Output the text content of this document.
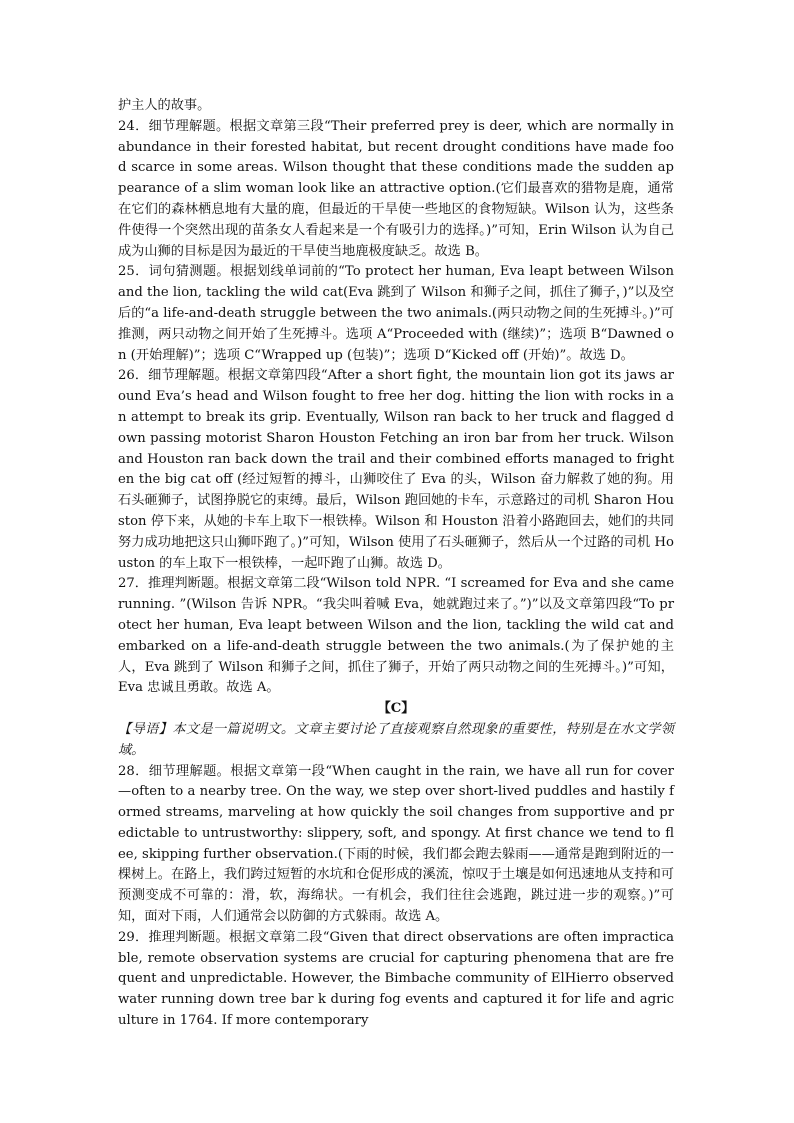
护主人的故事。

24．细节理解题。根据文章第三段“Their preferred prey is deer, which are normally in abundance in their forested habitat, but recent drought conditions have made food scarce in some areas. Wilson thought that these conditions made the sudden appearance of a slim woman look like an attractive option.(它们最喜欢的猎物是鹿，通常在它们的森林栖息地有大量的鹿，但最近的干旱使一些地区的食物短缺。Wilson 认为，这些条件使得一个突然出现的苗条女人看起来是一个有吸引力的选择。)”可知，Erin Wilson 认为自己成为山狮的目标是因为最近的干旱使当地鹿极度缺乏。故选 B。

25．词句猜测题。根据划线单词前的“To protect her human, Eva leapt between Wilson and the lion, tackling the wild cat(Eva 跳到了 Wilson 和狮子之间，抓住了狮子，)”以及空后的“a life-and-death struggle between the two animals.(两只动物之间的生死搏斗。)”可推测，两只动物之间开始了生死搏斗。选项 A“Proceeded with (继续)”；选项 B“Dawned on (开始理解)”；选项 C“Wrapped up (包装)”；选项 D“Kicked off (开始)”。故选 D。

26．细节理解题。根据文章第四段“After a short fight, the mountain lion got its jaws around Eva’s head and Wilson fought to free her dog. hitting the lion with rocks in an attempt to break its grip. Eventually, Wilson ran back to her truck and flagged down passing motorist Sharon Houston Fetching an iron bar from her truck. Wilson and Houston ran back down the trail and their combined efforts managed to frighten the big cat off (经过短暂的搏斗，山狮咬住了 Eva 的头，Wilson 奋力解救了她的狗。用石头砸狮子，试图挣脱它的束缚。最后，Wilson 跑回她的卡车，示意路过的司机 Sharon Houston 停下来，从她的卡车上取下一根铁棒。Wilson 和 Houston 沿着小路跑回去，她们的共同努力成功地把这只山狮吓跑了。)”可知，Wilson 使用了石头砸狮子，然后从一个过路的司机 Houston 的车上取下一根铁棒，一起吓跑了山狮。故选 D。

27．推理判断题。根据文章第二段“Wilson told NPR. “I screamed for Eva and she came running. ”(Wilson 告诉 NPR。“我尖叫着喊 Eva，她就跑过来了。”)”以及文章第四段“To protect her human, Eva leapt between Wilson and the lion, tackling the wild cat and embarked on a life-and-death struggle between the two animals.(为了保护她的主人，Eva 跳到了 Wilson 和狮子之间，抓住了狮子，开始了两只动物之间的生死搏斗。)”可知，Eva 忠诚且勇敢。故选 A。

【C】

【导语】本文是一篇说明文。文章主要讨论了直接观察自然现象的重要性，特别是在水文学领域。

28．细节理解题。根据文章第一段“When caught in the rain, we have all run for cover—often to a nearby tree. On the way, we step over short-lived puddles and hastily formed streams, marveling at how quickly the soil changes from supportive and predictable to untrustworthy: slippery, soft, and spongy. At first chance we tend to flee, skipping further observation.(下雨的时候，我们都会跑去躲雨——通常是跑到附近的一棵树上。在路上，我们跨过短暂的水坑和仓促形成的溪流，惊叹于土壤是如何迅速地从支持和可预测变成不可靠的：滑，软，海绵状。一有机会，我们往往会逃跑，跳过进一步的观察。)”可知，面对下雨，人们通常会以防御的方式躲雨。故选 A。

29．推理判断题。根据文章第二段“Given that direct observations are often impracticable, remote observation systems are crucial for capturing phenomena that are frequent and unpredictable. However, the Bimbache community of ElHierro observed water running down tree bar k during fog events and captured it for life and agriculture in 1764. If more contemporary
